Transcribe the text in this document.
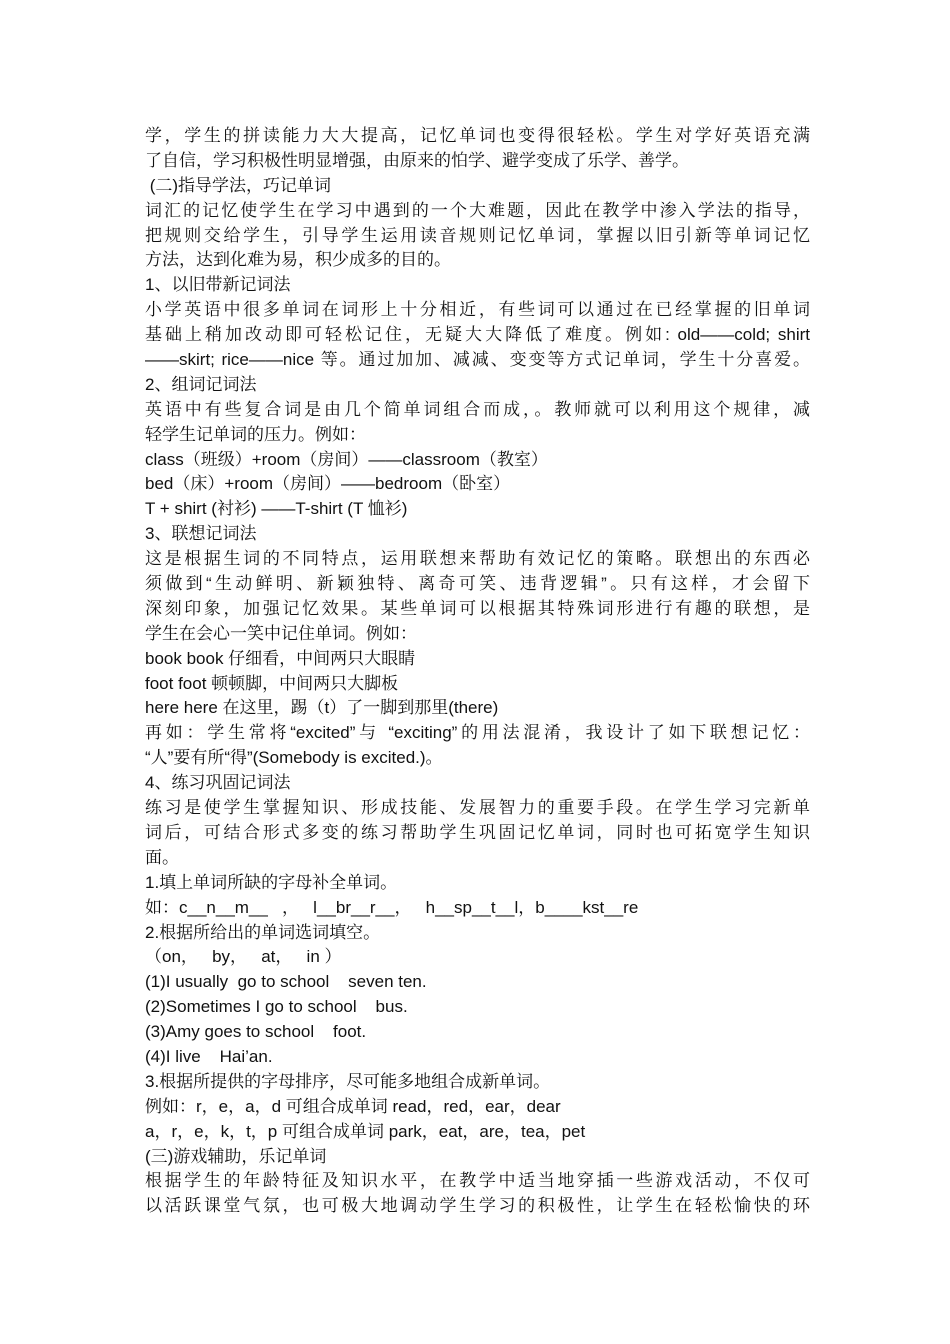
学，学生的拼读能力大大提高，记忆单词也变得很轻松。学生对学好英语充满
了自信，学习积极性明显增强，由原来的怕学、避学变成了乐学、善学。
(二)指导学法，巧记单词
词汇的记忆使学生在学习中遇到的一个大难题，因此在教学中渗入学法的指导，
把规则交给学生，引导学生运用读音规则记忆单词，掌握以旧引新等单词记忆
方法，达到化难为易，积少成多的目的。
1、以旧带新记词法
小学英语中很多单词在词形上十分相近，有些词可以通过在已经掌握的旧单词
基础上稍加改动即可轻松记住，无疑大大降低了难度。例如: old——cold; shirt
——skirt; rice——nice 等。通过加加、减减、变变等方式记单词，学生十分喜爱。
2、组词记词法
英语中有些复合词是由几个简单词组合而成，。教师就可以利用这个规律，减
轻学生记单词的压力。例如：
class（班级）+room（房间）——classroom（教室）
bed（床）+room（房间）——bedroom（卧室）
T + shirt (衬衫) ——T-shirt (T 恤衫)
3、联想记词法
这是根据生词的不同特点，运用联想来帮助有效记忆的策略。联想出的东西必
须做到“生动鲜明、新颖独特、离奇可笑、违背逻辑”。只有这样，才会留下
深刻印象，加强记忆效果。某些单词可以根据其特殊词形进行有趣的联想，是
学生在会心一笑中记住单词。例如：
book book 仔细看，中间两只大眼睛
foot foot 顿顿脚，中间两只大脚板
here here 在这里，踢（t）了一脚到那里(there)
再如：学生常将“excited”与 “exciting”的用法混淆，我设计了如下联想记忆：
“人”要有所“得”(Somebody is excited.)。
4、练习巩固记词法
练习是使学生掌握知识、形成技能、发展智力的重要手段。在学生学习完新单
词后，可结合形式多变的练习帮助学生巩固记忆单词，同时也可拓宽学生知识
面。
1.填上单词所缺的字母补全单词。
如：c__n__m__   ，   l__br__r__，   h__sp__t__l，b____kst__re
2.根据所给出的单词选词填空。
（on，   by，   at，   in ）
(1)I usually  go to school    seven ten.
(2)Sometimes I go to school    bus.
(3)Amy goes to school    foot.
(4)I live    Hai’an.
3.根据所提供的字母排序，尽可能多地组合成新单词。
例如：r，e，a，d 可组合成单词 read，red，ear，dear
a，r，e，k，t，p 可组合成单词 park，eat，are，tea，pet
(三)游戏辅助，乐记单词
根据学生的年龄特征及知识水平，在教学中适当地穿插一些游戏活动，不仅可
以活跃课堂气氛，也可极大地调动学生学习的积极性，让学生在轻松愉快的环
